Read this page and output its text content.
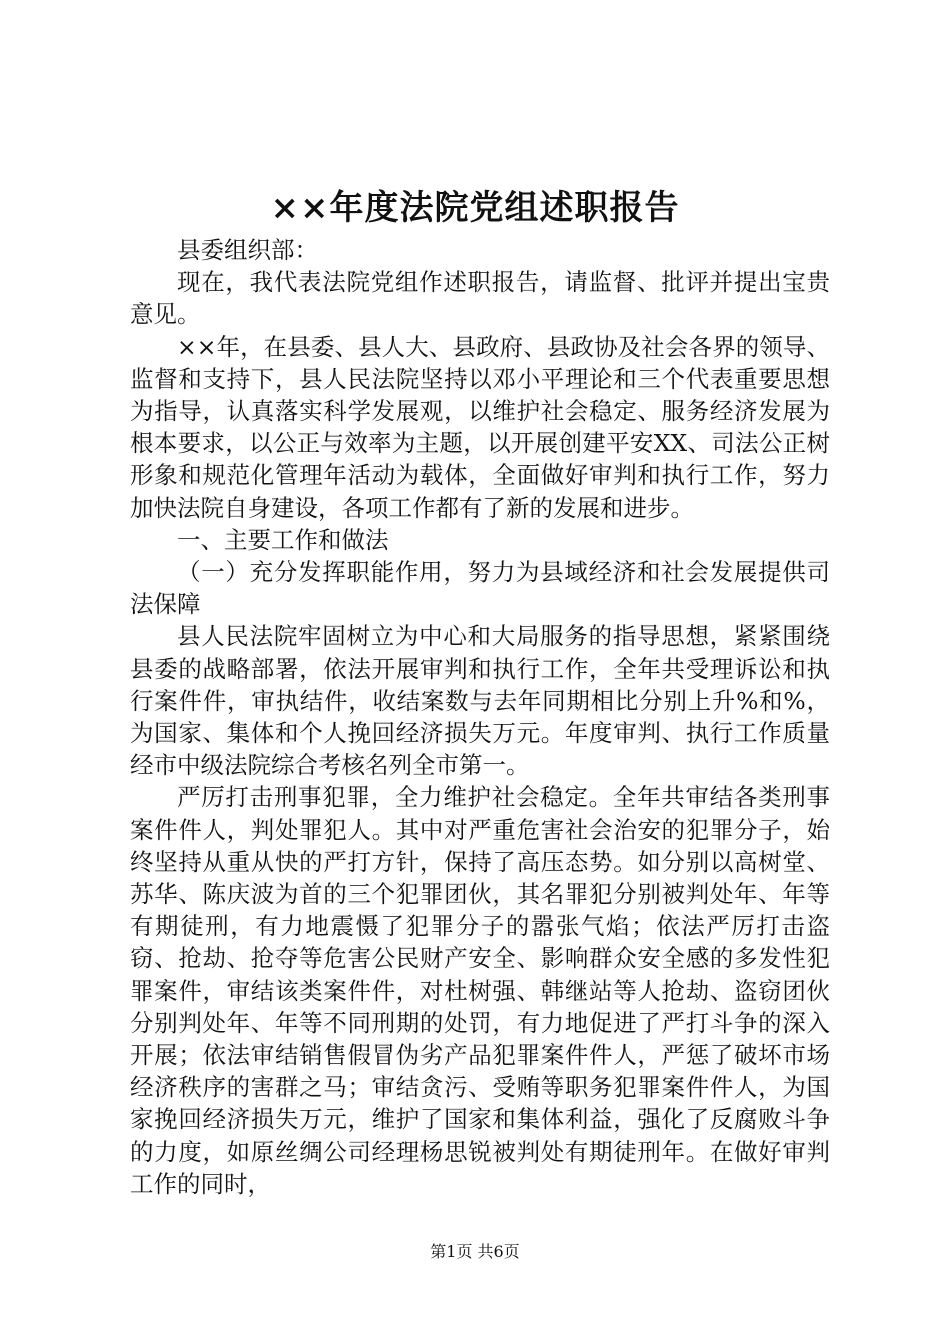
××年度法院党组述职报告

县委组织部：

现在，我代表法院党组作述职报告，请监督、批评并提出宝贵意见。

××年，在县委、县人大、县政府、县政协及社会各界的领导、监督和支持下，县人民法院坚持以邓小平理论和三个代表重要思想为指导，认真落实科学发展观，以维护社会稳定、服务经济发展为根本要求，以公正与效率为主题，以开展创建平安XX、司法公正树形象和规范化管理年活动为载体，全面做好审判和执行工作，努力加快法院自身建设，各项工作都有了新的发展和进步。

一、主要工作和做法

（一）充分发挥职能作用，努力为县域经济和社会发展提供司法保障

县人民法院牢固树立为中心和大局服务的指导思想，紧紧围绕县委的战略部署，依法开展审判和执行工作，全年共受理诉讼和执行案件件，审执结件，收结案数与去年同期相比分别上升%和%，为国家、集体和个人挽回经济损失万元。年度审判、执行工作质量经市中级法院综合考核名列全市第一。

严厉打击刑事犯罪，全力维护社会稳定。全年共审结各类刑事案件件人，判处罪犯人。其中对严重危害社会治安的犯罪分子，始终坚持从重从快的严打方针，保持了高压态势。如分别以高树堂、苏华、陈庆波为首的三个犯罪团伙，其名罪犯分别被判处年、年等有期徒刑，有力地震慑了犯罪分子的嚣张气焰；依法严厉打击盗窃、抢劫、抢夺等危害公民财产安全、影响群众安全感的多发性犯罪案件，审结该类案件件，对杜树强、韩继站等人抢劫、盗窃团伙分别判处年、年等不同刑期的处罚，有力地促进了严打斗争的深入开展；依法审结销售假冒伪劣产品犯罪案件件人，严惩了破坏市场经济秩序的害群之马；审结贪污、受贿等职务犯罪案件件人，为国家挽回经济损失万元，维护了国家和集体利益，强化了反腐败斗争的力度，如原丝绸公司经理杨思锐被判处有期徒刑年。在做好审判工作的同时，

第1页 共6页
